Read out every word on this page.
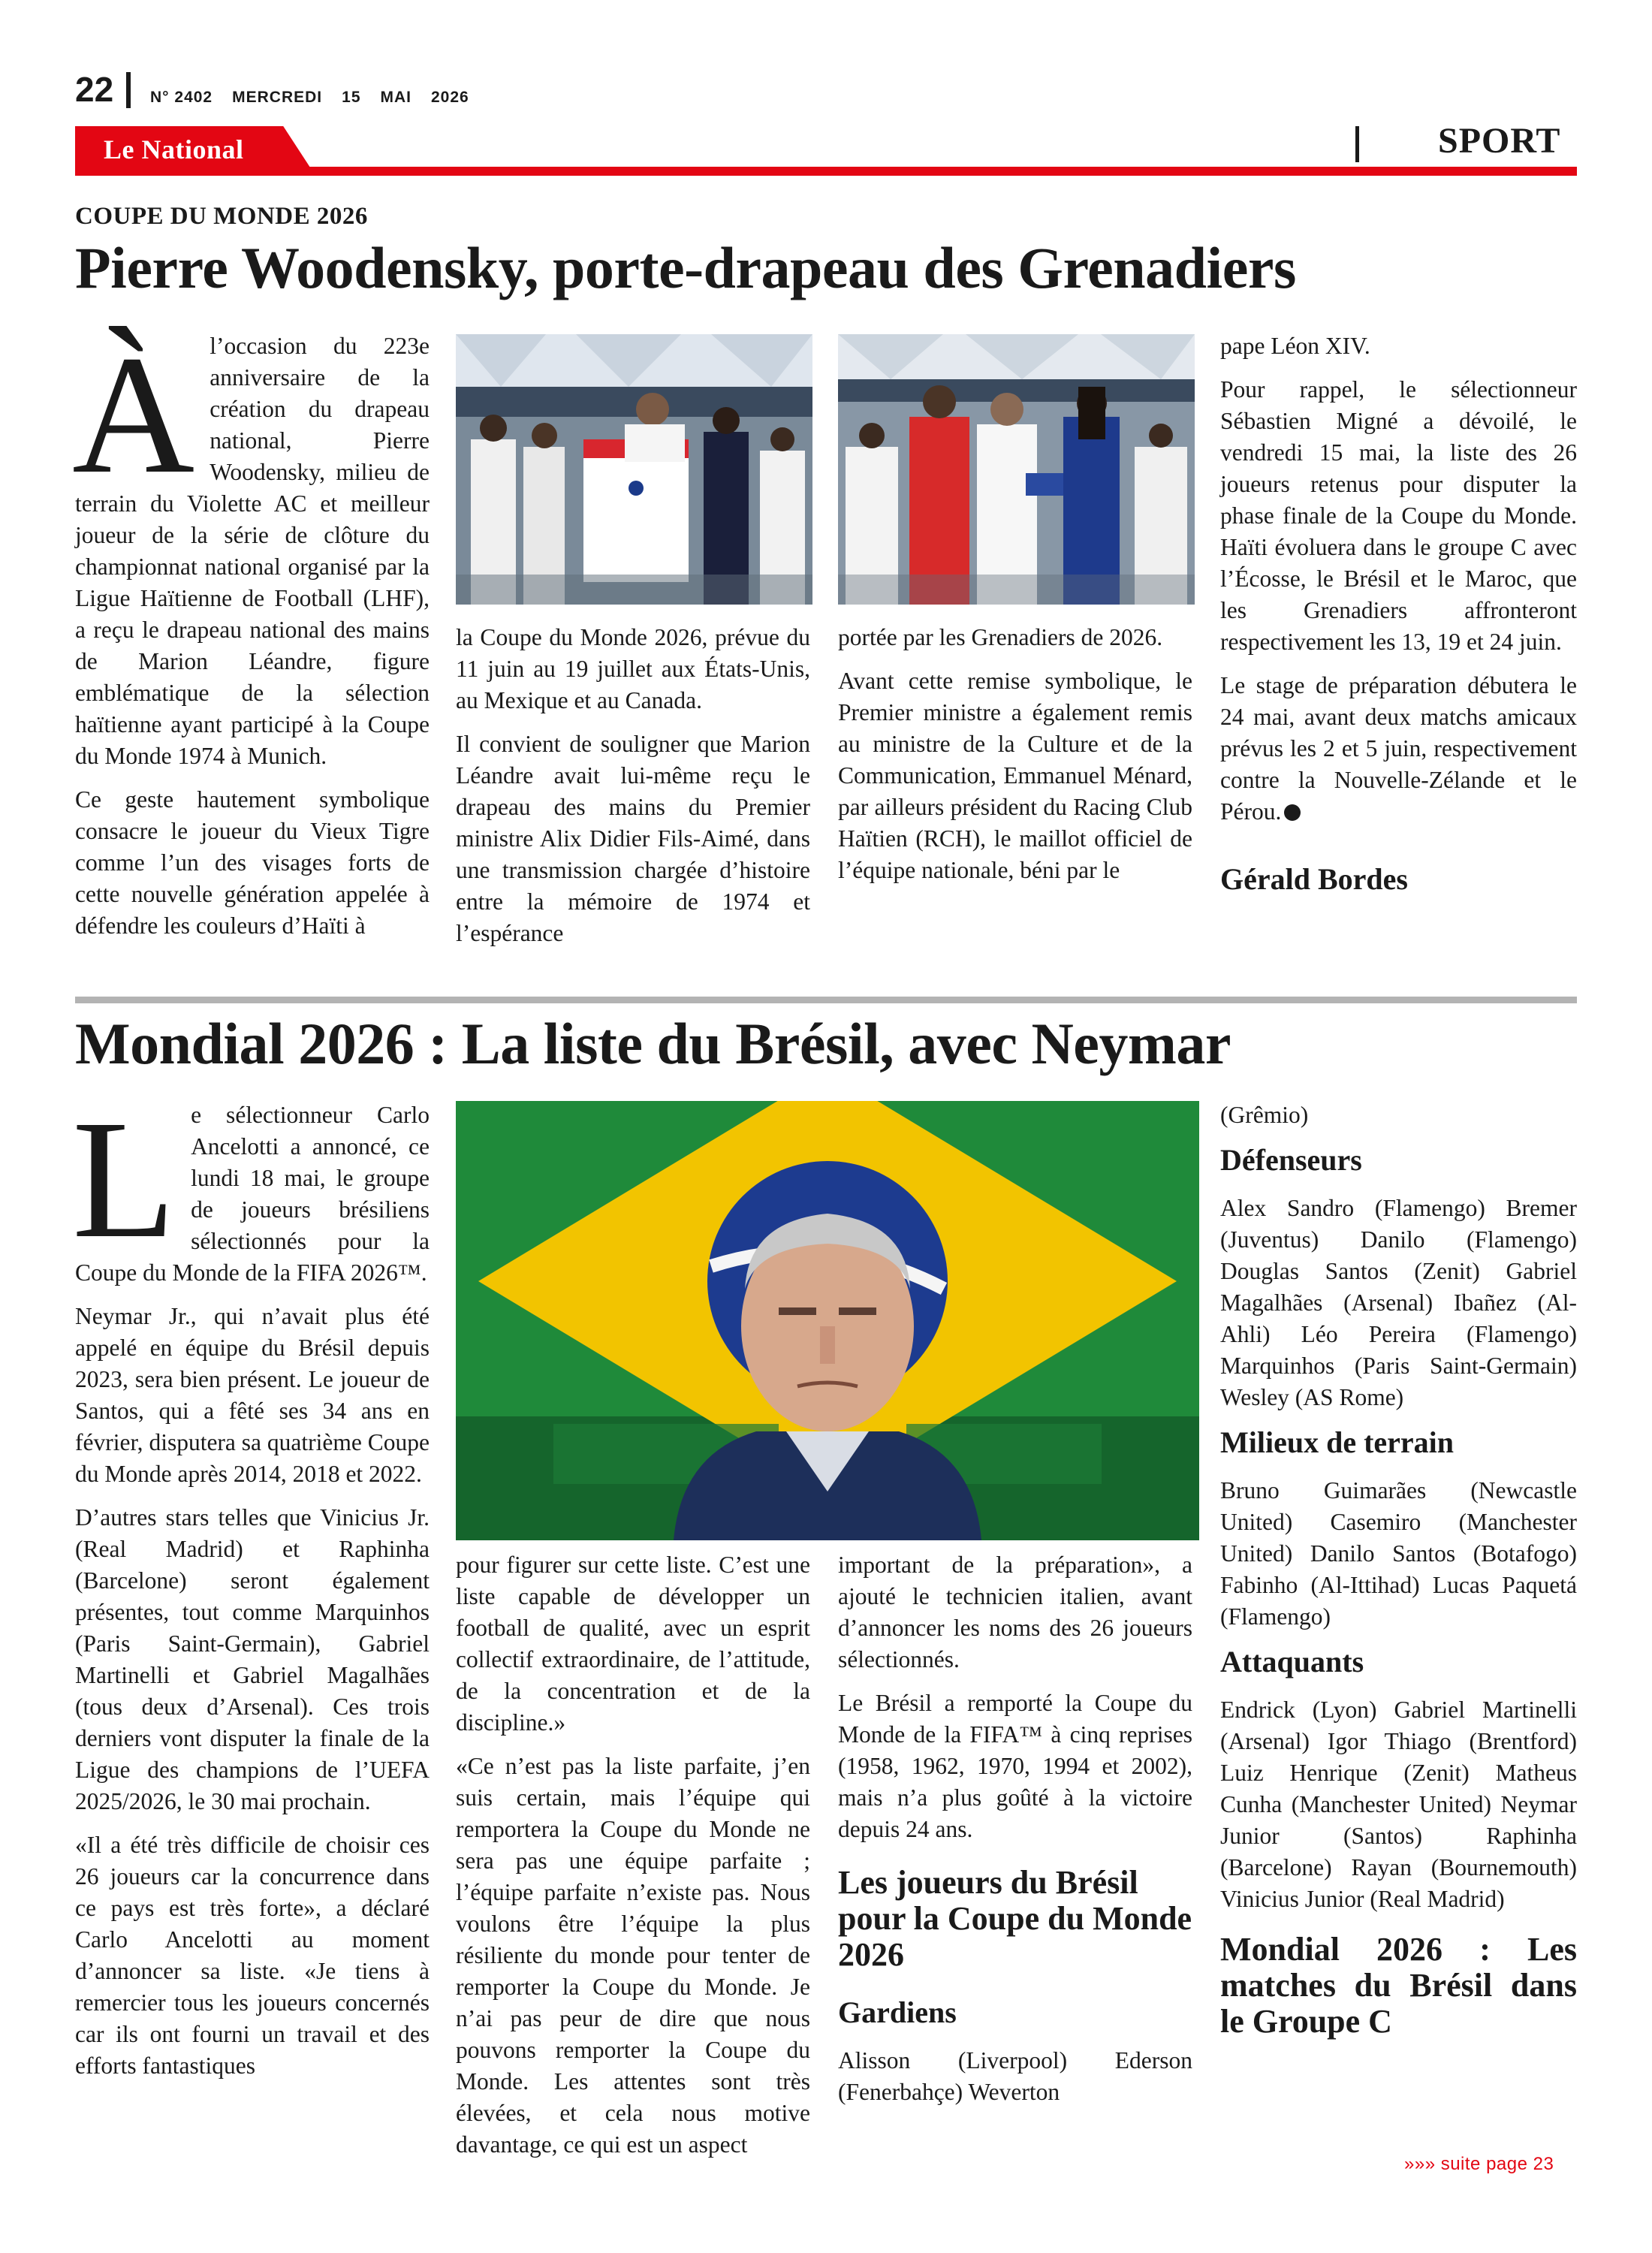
22 N° 2402 MERCREDI 15 MAI 2026
Le National	SPORT
COUPE DU MONDE 2026
Pierre Woodensky, porte-drapeau des Grenadiers

Àl’occasion du 223e anniversaire de la création du drapeau national, Pierre Woodensky, milieu de terrain du Violette AC et meilleur joueur de la série de clôture du championnat national organisé par la Ligue Haïtienne de Football (LHF), a reçu le drapeau national des mains de Marion Léandre, figure emblématique de la sélection haïtienne ayant participé à la Coupe du Monde 1974 à Munich.

Ce geste hautement symbolique consacre le joueur du Vieux Tigre comme l’un des visages forts de cette nouvelle génération appelée à défendre les couleurs d’Haïti à

la Coupe du Monde 2026, prévue du 11 juin au 19 juillet aux États-Unis, au Mexique et au Canada.

Il convient de souligner que Marion Léandre avait lui-même reçu le drapeau des mains du Premier ministre Alix Didier Fils-Aimé, dans une transmission chargée d’histoire entre la mémoire de 1974 et l’espérance

portée par les Grenadiers de 2026.

Avant cette remise symbolique, le Premier ministre a également remis au ministre de la Culture et de la Communication, Emmanuel Ménard, par ailleurs président du Racing Club Haïtien (RCH), le maillot officiel de l’équipe nationale, béni par le

pape Léon XIV.

Pour rappel, le sélectionneur Sébastien Migné a dévoilé, le vendredi 15 mai, la liste des 26 joueurs retenus pour disputer la phase finale de la Coupe du Monde. Haïti évoluera dans le groupe C avec l’Écosse, le Brésil et le Maroc, que les Grenadiers affronteront respectivement les 13, 19 et 24 juin.

Le stage de préparation débutera le 24 mai, avant deux matchs amicaux prévus les 2 et 5 juin, respectivement contre la Nouvelle-Zélande et le Pérou.

Gérald Bordes

Mondial 2026 : La liste du Brésil, avec Neymar

Le sélectionneur Carlo Ancelotti a annoncé, ce lundi 18 mai, le groupe de joueurs brésiliens sélectionnés pour la Coupe du Monde de la FIFA 2026™.

Neymar Jr., qui n’avait plus été appelé en équipe du Brésil depuis 2023, sera bien présent. Le joueur de Santos, qui a fêté ses 34 ans en février, disputera sa quatrième Coupe du Monde après 2014, 2018 et 2022.

D’autres stars telles que Vinicius Jr. (Real Madrid) et Raphinha (Barcelone) seront également présentes, tout comme Marquinhos (Paris Saint-Germain), Gabriel Martinelli et Gabriel Magalhães (tous deux d’Arsenal). Ces trois derniers vont disputer la finale de la Ligue des champions de l’UEFA 2025/2026, le 30 mai prochain.

«Il a été très difficile de choisir ces 26 joueurs car la concurrence dans ce pays est très forte», a déclaré Carlo Ancelotti au moment d’annoncer sa liste. «Je tiens à remercier tous les joueurs concernés car ils ont fourni un travail et des efforts fantastiques

pour figurer sur cette liste. C’est une liste capable de développer un football de qualité, avec un esprit collectif extraordinaire, de l’attitude, de la concentration et de la discipline.»

«Ce n’est pas la liste parfaite, j’en suis certain, mais l’équipe qui remportera la Coupe du Monde ne sera pas une équipe parfaite ; l’équipe parfaite n’existe pas. Nous voulons être l’équipe la plus résiliente du monde pour tenter de remporter la Coupe du Monde. Je n’ai pas peur de dire que nous pouvons remporter la Coupe du Monde. Les attentes sont très élevées, et cela nous motive davantage, ce qui est un aspect

important de la préparation», a ajouté le technicien italien, avant d’annoncer les noms des 26 joueurs sélectionnés.

Le Brésil a remporté la Coupe du Monde de la FIFA™ à cinq reprises (1958, 1962, 1970, 1994 et 2002), mais n’a plus goûté à la victoire depuis 24 ans.

Les joueurs du Brésil pour la Coupe du Monde 2026

Gardiens

Alisson (Liverpool) Ederson (Fenerbahçe) Weverton

(Grêmio)

Défenseurs

Alex Sandro (Flamengo) Bremer (Juventus) Danilo (Flamengo) Douglas Santos (Zenit) Gabriel Magalhães (Arsenal) Ibañez (Al-Ahli) Léo Pereira (Flamengo) Marquinhos (Paris Saint-Germain) Wesley (AS Rome)

Milieux de terrain

Bruno Guimarães (Newcastle United) Casemiro (Manchester United) Danilo Santos (Botafogo) Fabinho (Al-Ittihad) Lucas Paquetá (Flamengo)

Attaquants

Endrick (Lyon) Gabriel Martinelli (Arsenal) Igor Thiago (Brentford) Luiz Henrique (Zenit) Matheus Cunha (Manchester United) Neymar Junior (Santos) Raphinha (Barcelone) Rayan (Bournemouth) Vinicius Junior (Real Madrid)

Mondial 2026 : Les matches du Brésil dans le Groupe C

»»» suite page 23
